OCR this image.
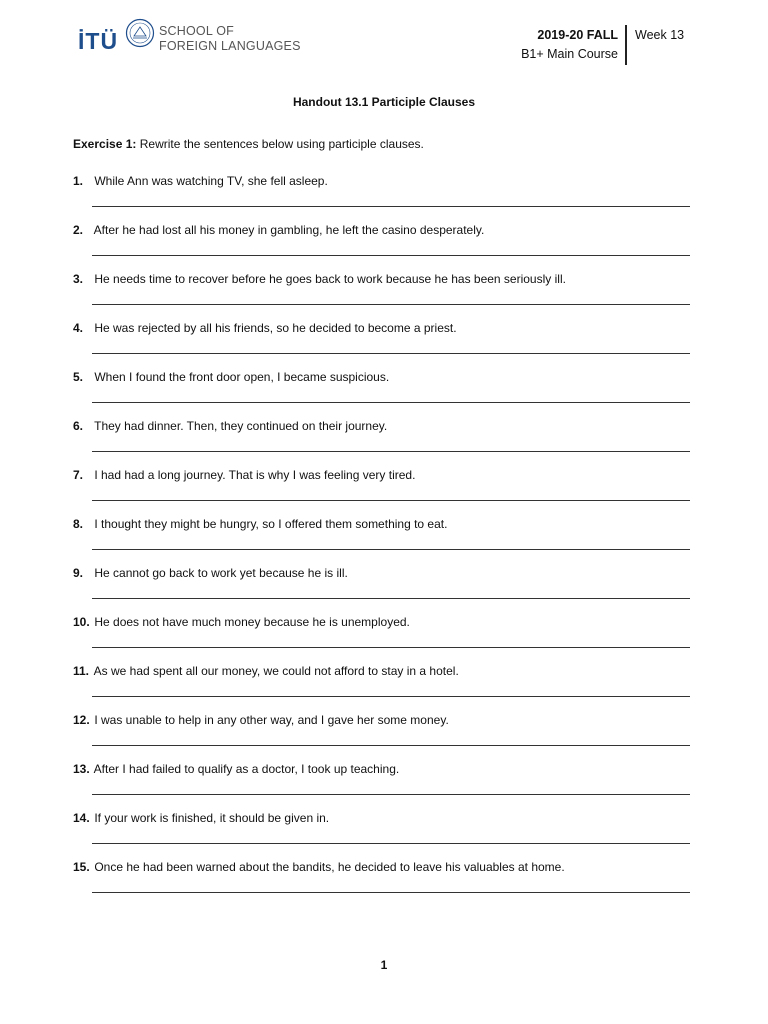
İTÜ	SCHOOL OF
FOREIGN LANGUAGES
2019-20 FALL
B1+ Main Course
Week 13
Handout 13.1 Participle Clauses
Exercise 1: Rewrite the sentences below using participle clauses.
1. While Ann was watching TV, she fell asleep.
2. After he had lost all his money in gambling, he left the casino desperately.
3. He needs time to recover before he goes back to work because he has been seriously ill.
4. He was rejected by all his friends, so he decided to become a priest.
5. When I found the front door open, I became suspicious.
6. They had dinner. Then, they continued on their journey.
7. I had had a long journey. That is why I was feeling very tired.
8. I thought they might be hungry, so I offered them something to eat.
9. He cannot go back to work yet because he is ill.
10. He does not have much money because he is unemployed.
11. As we had spent all our money, we could not afford to stay in a hotel.
12. I was unable to help in any other way, and I gave her some money.
13. After I had failed to qualify as a doctor, I took up teaching.
14. If your work is finished, it should be given in.
15. Once he had been warned about the bandits, he decided to leave his valuables at home.
1
